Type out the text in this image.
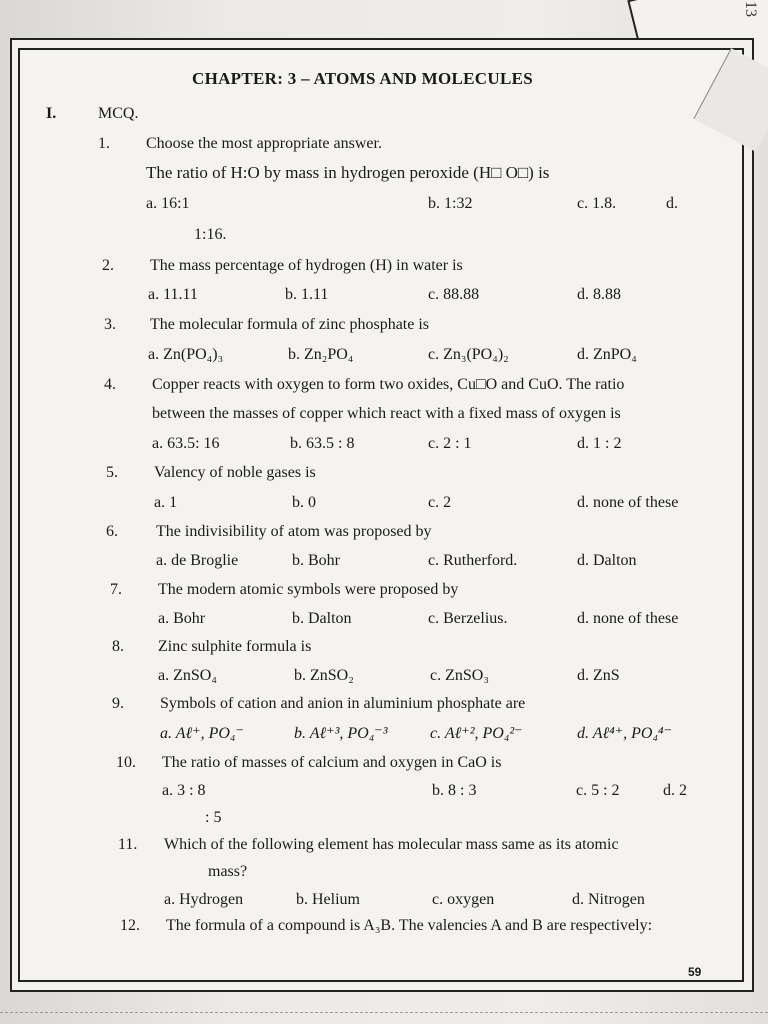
13
CHAPTER: 3 – ATOMS AND MOLECULES
I.	MCQ.
1. Choose the most appropriate answer.
The ratio of H:O by mass in hydrogen peroxide (H□ O□) is
a. 16:1	b. 1:32	c. 1.8.	d.
1:16.
2. The mass percentage of hydrogen (H) in water is
a. 11.11	b. 1.11	c. 88.88	d. 8.88
3. The molecular formula of zinc phosphate is
a. Zn(PO₄)₃	b. Zn₂PO₄	c. Zn₃(PO₄)₂	d. ZnPO₄
4. Copper reacts with oxygen to form two oxides, Cu□O and CuO. The ratio
between the masses of copper which react with a fixed mass of oxygen is
a. 63.5: 16	b. 63.5 : 8	c. 2 : 1	d. 1 : 2
5. Valency of noble gases is
a. 1	b. 0	c. 2	d. none of these
6. The indivisibility of atom was proposed by
a. de Broglie	b. Bohr	c. Rutherford.	d. Dalton
7. The modern atomic symbols were proposed by
a. Bohr	b. Dalton	c. Berzelius.	d. none of these
8. Zinc sulphite formula is
a. ZnSO₄	b. ZnSO₂	c. ZnSO₃	d. ZnS
9. Symbols of cation and anion in aluminium phosphate are
a. Aℓ⁺, PO₄⁻	b. Aℓ⁺³, PO₄⁻³	c. Aℓ⁺², PO₄²⁻	d. Aℓ⁴⁺, PO₄⁴⁻
10. The ratio of masses of calcium and oxygen in CaO is
a. 3 : 8	b. 8 : 3	c. 5 : 2	d. 2
: 5
11. Which of the following element has molecular mass same as its atomic
mass?
a. Hydrogen	b. Helium	c. oxygen	d. Nitrogen
12. The formula of a compound is A₃B. The valencies A and B are respectively:
59
